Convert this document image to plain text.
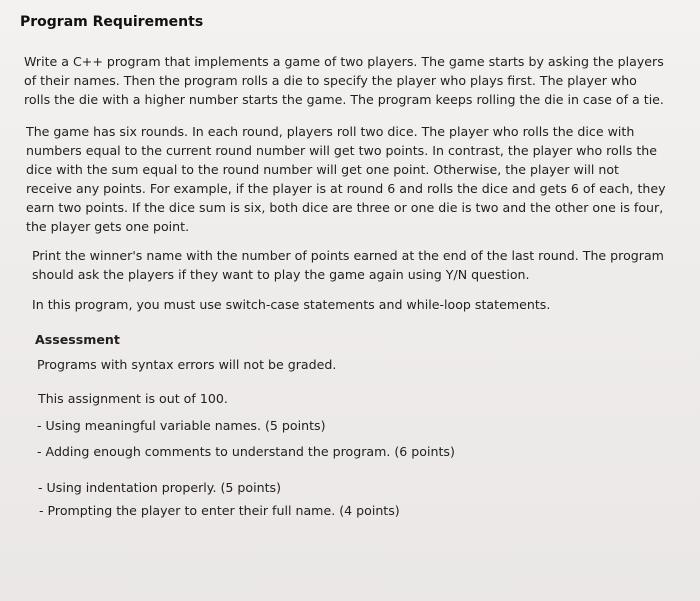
Program Requirements

Write a C++ program that implements a game of two players. The game starts by asking the players of their names. Then the program rolls a die to specify the player who plays first. The player who rolls the die with a higher number starts the game. The program keeps rolling the die in case of a tie.

The game has six rounds. In each round, players roll two dice. The player who rolls the dice with numbers equal to the current round number will get two points. In contrast, the player who rolls the dice with the sum equal to the round number will get one point. Otherwise, the player will not receive any points. For example, if the player is at round 6 and rolls the dice and gets 6 of each, they earn two points. If the dice sum is six, both dice are three or one die is two and the other one is four, the player gets one point.

Print the winner's name with the number of points earned at the end of the last round. The program should ask the players if they want to play the game again using Y/N question.

In this program, you must use switch-case statements and while-loop statements.

Assessment

Programs with syntax errors will not be graded.

This assignment is out of 100.

- Using meaningful variable names. (5 points)

- Adding enough comments to understand the program. (6 points)

- Using indentation properly. (5 points)

- Prompting the player to enter their full name. (4 points)
